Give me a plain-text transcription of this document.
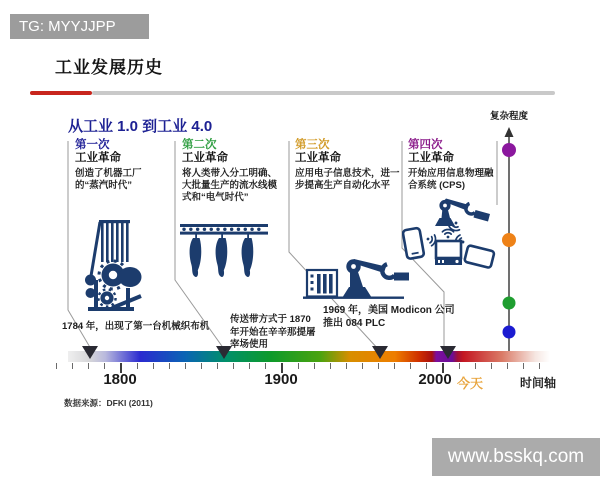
TG: MYYJJPP
工业发展历史
从工业 1.0 到工业 4.0
复杂程度
第一次
工业革命
创造了机器工厂的“蒸汽时代”
第二次
工业革命
将人类带入分工明确、大批量生产的流水线模式和“电气时代”
第三次
工业革命
应用电子信息技术，进一步提高生产自动化水平
第四次
工业革命
开始应用信息物理融合系统 (CPS)
1784 年，出现了第一台机械织布机
传送带方式于 1870 年开始在辛辛那提屠宰场使用
1969 年，美国 Modicon 公司推出 084 PLC
1800	1900	2000 今天	时间轴
数据来源：DFKI (2011)
www.bsskq.com
